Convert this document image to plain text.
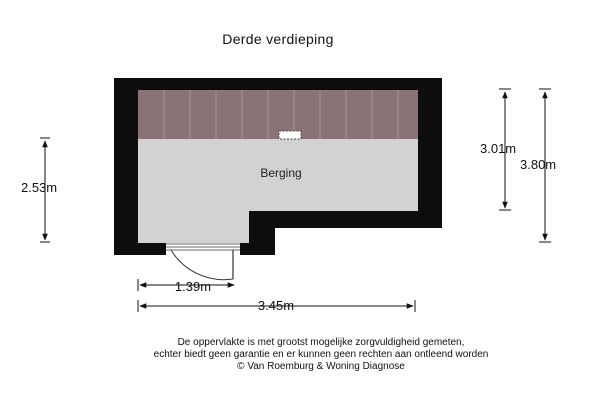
Derde verdieping
Berging
2.53m
3.01m
3.80m
1.39m
3.45m
De oppervlakte is met grootst mogelijke zorgvuldigheid gemeten,
echter biedt geen garantie en er kunnen geen rechten aan ontleend worden
© Van Roemburg & Woning Diagnose
